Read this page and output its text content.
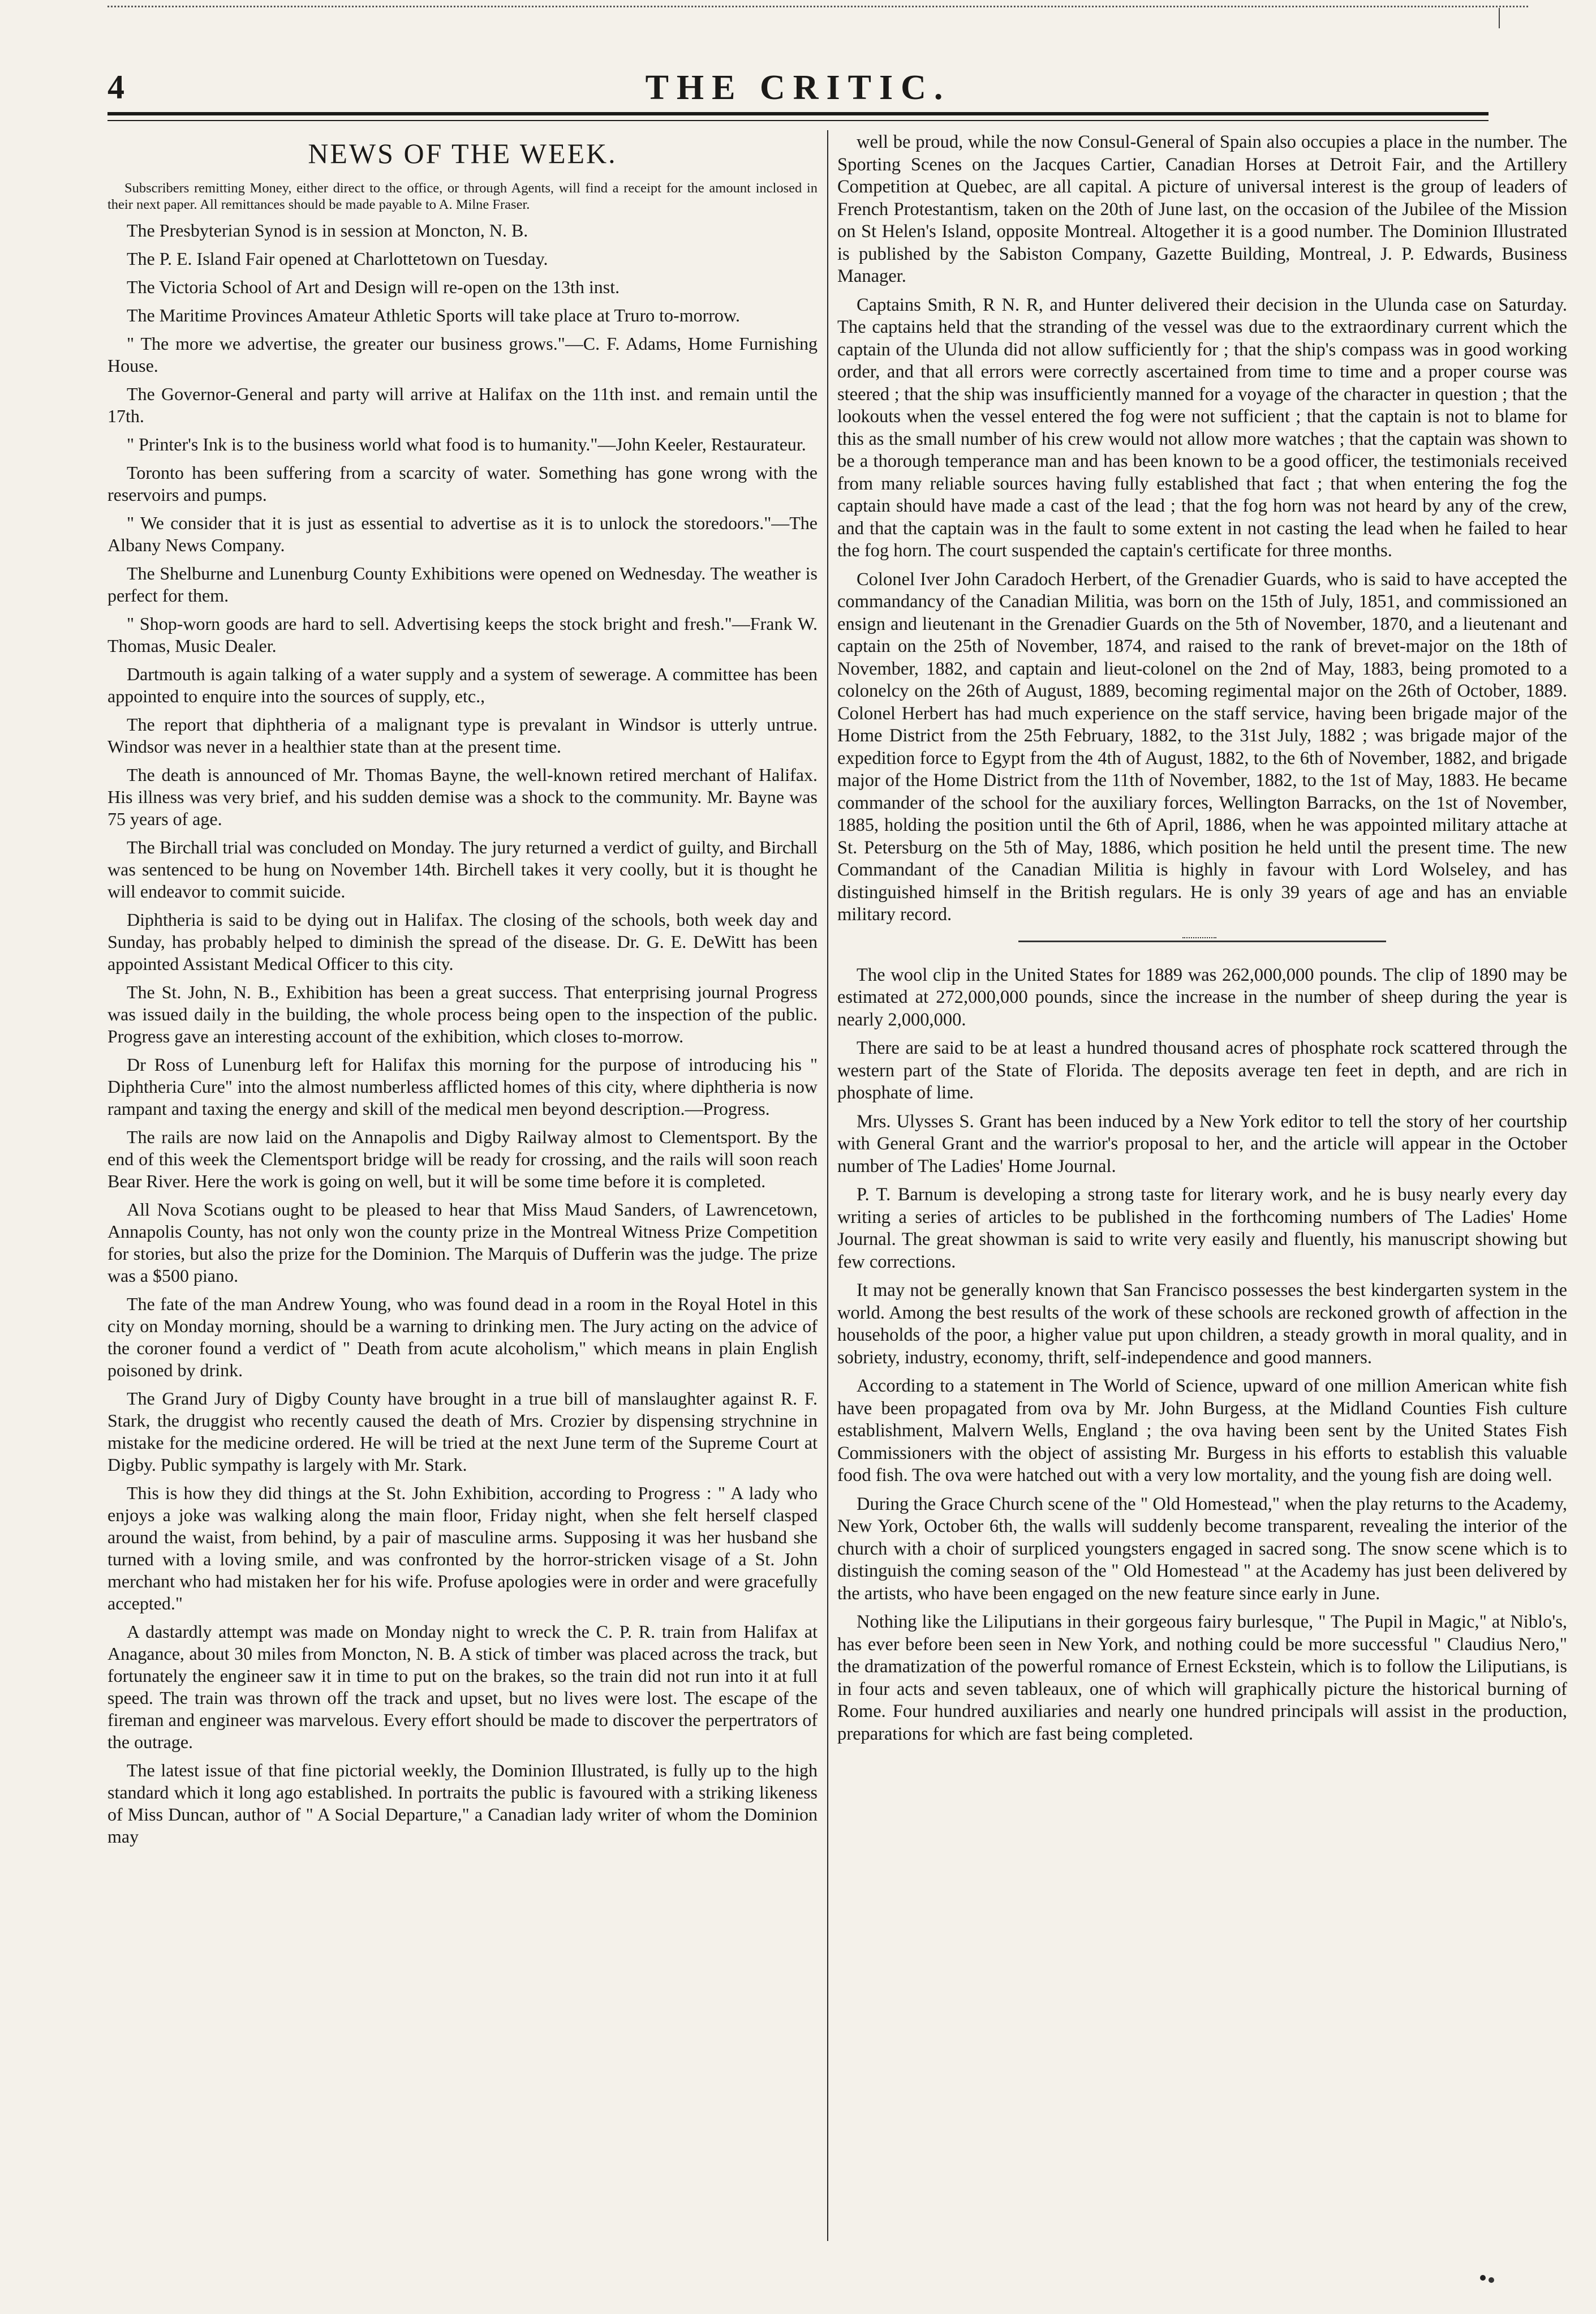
4	THE CRITIC.
NEWS OF THE WEEK.
Subscribers remitting Money, either direct to the office, or through Agents, will find a receipt for the amount inclosed in their next paper. All remittances should be made payable to A. Milne Fraser.

The Presbyterian Synod is in session at Moncton, N. B.

The P. E. Island Fair opened at Charlottetown on Tuesday.

The Victoria School of Art and Design will re-open on the 13th inst.

The Maritime Provinces Amateur Athletic Sports will take place at Truro to-morrow.

" The more we advertise, the greater our business grows."—C. F. Adams, Home Furnishing House.

The Governor-General and party will arrive at Halifax on the 11th inst. and remain until the 17th.

" Printer's Ink is to the business world what food is to humanity."—John Keeler, Restaurateur.

Toronto has been suffering from a scarcity of water. Something has gone wrong with the reservoirs and pumps.

" We consider that it is just as essential to advertise as it is to unlock the storedoors."—The Albany News Company.

The Shelburne and Lunenburg County Exhibitions were opened on Wednesday. The weather is perfect for them.

" Shop-worn goods are hard to sell. Advertising keeps the stock bright and fresh."—Frank W. Thomas, Music Dealer.

Dartmouth is again talking of a water supply and a system of sewerage. A committee has been appointed to enquire into the sources of supply, etc.,

The report that diphtheria of a malignant type is prevalant in Windsor is utterly untrue. Windsor was never in a healthier state than at the present time.

The death is announced of Mr. Thomas Bayne, the well-known retired merchant of Halifax. His illness was very brief, and his sudden demise was a shock to the community. Mr. Bayne was 75 years of age.

The Birchall trial was concluded on Monday. The jury returned a verdict of guilty, and Birchall was sentenced to be hung on November 14th. Birchell takes it very coolly, but it is thought he will endeavor to commit suicide.

Diphtheria is said to be dying out in Halifax. The closing of the schools, both week day and Sunday, has probably helped to diminish the spread of the disease. Dr. G. E. DeWitt has been appointed Assistant Medical Officer to this city.

The St. John, N. B., Exhibition has been a great success. That enterprising journal Progress was issued daily in the building, the whole process being open to the inspection of the public. Progress gave an interesting account of the exhibition, which closes to-morrow.

Dr Ross of Lunenburg left for Halifax this morning for the purpose of introducing his " Diphtheria Cure" into the almost numberless afflicted homes of this city, where diphtheria is now rampant and taxing the energy and skill of the medical men beyond description.—Progress.

The rails are now laid on the Annapolis and Digby Railway almost to Clementsport. By the end of this week the Clementsport bridge will be ready for crossing, and the rails will soon reach Bear River. Here the work is going on well, but it will be some time before it is completed.

All Nova Scotians ought to be pleased to hear that Miss Maud Sanders, of Lawrencetown, Annapolis County, has not only won the county prize in the Montreal Witness Prize Competition for stories, but also the prize for the Dominion. The Marquis of Dufferin was the judge. The prize was a $500 piano.

The fate of the man Andrew Young, who was found dead in a room in the Royal Hotel in this city on Monday morning, should be a warning to drinking men. The Jury acting on the advice of the coroner found a verdict of " Death from acute alcoholism," which means in plain English poisoned by drink.

The Grand Jury of Digby County have brought in a true bill of manslaughter against R. F. Stark, the druggist who recently caused the death of Mrs. Crozier by dispensing strychnine in mistake for the medicine ordered. He will be tried at the next June term of the Supreme Court at Digby. Public sympathy is largely with Mr. Stark.

This is how they did things at the St. John Exhibition, according to Progress : " A lady who enjoys a joke was walking along the main floor, Friday night, when she felt herself clasped around the waist, from behind, by a pair of masculine arms. Supposing it was her husband she turned with a loving smile, and was confronted by the horror-stricken visage of a St. John merchant who had mistaken her for his wife. Profuse apologies were in order and were gracefully accepted."

A dastardly attempt was made on Monday night to wreck the C. P. R. train from Halifax at Anagance, about 30 miles from Moncton, N. B. A stick of timber was placed across the track, but fortunately the engineer saw it in time to put on the brakes, so the train did not run into it at full speed. The train was thrown off the track and upset, but no lives were lost. The escape of the fireman and engineer was marvelous. Every effort should be made to discover the perpertrators of the outrage.

The latest issue of that fine pictorial weekly, the Dominion Illustrated, is fully up to the high standard which it long ago established. In portraits the public is favoured with a striking likeness of Miss Duncan, author of " A Social Departure," a Canadian lady writer of whom the Dominion may

well be proud, while the now Consul-General of Spain also occupies a place in the number. The Sporting Scenes on the Jacques Cartier, Canadian Horses at Detroit Fair, and the Artillery Competition at Quebec, are all capital. A picture of universal interest is the group of leaders of French Protestantism, taken on the 20th of June last, on the occasion of the Jubilee of the Mission on St Helen's Island, opposite Montreal. Altogether it is a good number. The Dominion Illustrated is published by the Sabiston Company, Gazette Building, Montreal, J. P. Edwards, Business Manager.

Captains Smith, R N. R, and Hunter delivered their decision in the Ulunda case on Saturday. The captains held that the stranding of the vessel was due to the extraordinary current which the captain of the Ulunda did not allow sufficiently for ; that the ship's compass was in good working order, and that all errors were correctly ascertained from time to time and a proper course was steered ; that the ship was insufficiently manned for a voyage of the character in question ; that the lookouts when the vessel entered the fog were not sufficient ; that the captain is not to blame for this as the small number of his crew would not allow more watches ; that the captain was shown to be a thorough temperance man and has been known to be a good officer, the testimonials received from many reliable sources having fully established that fact ; that when entering the fog the captain should have made a cast of the lead ; that the fog horn was not heard by any of the crew, and that the captain was in the fault to some extent in not casting the lead when he failed to hear the fog horn. The court suspended the captain's certificate for three months.

Colonel Iver John Caradoch Herbert, of the Grenadier Guards, who is said to have accepted the commandancy of the Canadian Militia, was born on the 15th of July, 1851, and commissioned an ensign and lieutenant in the Grenadier Guards on the 5th of November, 1870, and a lieutenant and captain on the 25th of November, 1874, and raised to the rank of brevet-major on the 18th of November, 1882, and captain and lieut-colonel on the 2nd of May, 1883, being promoted to a colonelcy on the 26th of August, 1889, becoming regimental major on the 26th of October, 1889. Colonel Herbert has had much experience on the staff service, having been brigade major of the Home District from the 25th February, 1882, to the 31st July, 1882 ; was brigade major of the expedition force to Egypt from the 4th of August, 1882, to the 6th of November, 1882, and brigade major of the Home District from the 11th of November, 1882, to the 1st of May, 1883. He became commander of the school for the auxiliary forces, Wellington Barracks, on the 1st of November, 1885, holding the position until the 6th of April, 1886, when he was appointed military attache at St. Petersburg on the 5th of May, 1886, which position he held until the present time. The new Commandant of the Canadian Militia is highly in favour with Lord Wolseley, and has distinguished himself in the British regulars. He is only 39 years of age and has an enviable military record.

The wool clip in the United States for 1889 was 262,000,000 pounds. The clip of 1890 may be estimated at 272,000,000 pounds, since the increase in the number of sheep during the year is nearly 2,000,000.

There are said to be at least a hundred thousand acres of phosphate rock scattered through the western part of the State of Florida. The deposits average ten feet in depth, and are rich in phosphate of lime.

Mrs. Ulysses S. Grant has been induced by a New York editor to tell the story of her courtship with General Grant and the warrior's proposal to her, and the article will appear in the October number of The Ladies' Home Journal.

P. T. Barnum is developing a strong taste for literary work, and he is busy nearly every day writing a series of articles to be published in the forthcoming numbers of The Ladies' Home Journal. The great showman is said to write very easily and fluently, his manuscript showing but few corrections.

It may not be generally known that San Francisco possesses the best kindergarten system in the world. Among the best results of the work of these schools are reckoned growth of affection in the households of the poor, a higher value put upon children, a steady growth in moral quality, and in sobriety, industry, economy, thrift, self-independence and good manners.

According to a statement in The World of Science, upward of one million American white fish have been propagated from ova by Mr. John Burgess, at the Midland Counties Fish culture establishment, Malvern Wells, England ; the ova having been sent by the United States Fish Commissioners with the object of assisting Mr. Burgess in his efforts to establish this valuable food fish. The ova were hatched out with a very low mortality, and the young fish are doing well.

During the Grace Church scene of the " Old Homestead," when the play returns to the Academy, New York, October 6th, the walls will suddenly become transparent, revealing the interior of the church with a choir of surpliced youngsters engaged in sacred song. The snow scene which is to distinguish the coming season of the " Old Homestead " at the Academy has just been delivered by the artists, who have been engaged on the new feature since early in June.

Nothing like the Liliputians in their gorgeous fairy burlesque, " The Pupil in Magic," at Niblo's, has ever before been seen in New York, and nothing could be more successful " Claudius Nero," the dramatization of the powerful romance of Ernest Eckstein, which is to follow the Liliputians, is in four acts and seven tableaux, one of which will graphically picture the historical burning of Rome. Four hundred auxiliaries and nearly one hundred principals will assist in the production, preparations for which are fast being completed.
